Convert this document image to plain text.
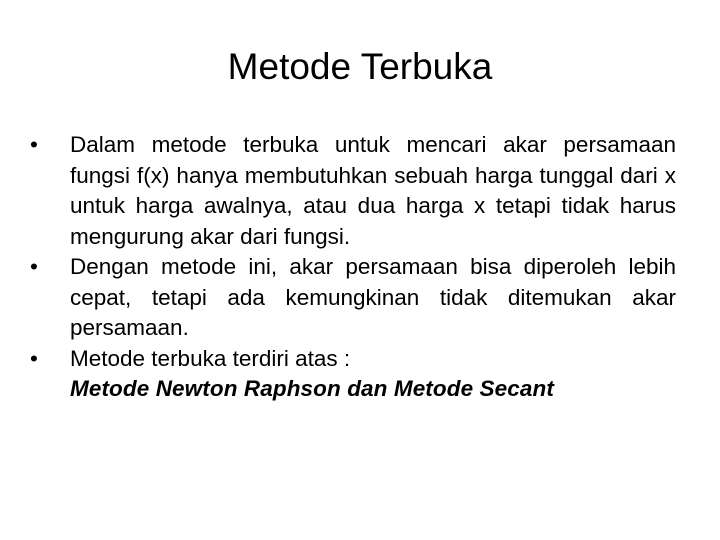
Metode Terbuka
•	Dalam metode terbuka untuk mencari akar persamaan fungsi f(x) hanya membutuhkan sebuah harga tunggal dari x untuk harga awalnya, atau dua harga x tetapi tidak harus mengurung akar dari fungsi.
•	Dengan metode ini, akar persamaan bisa diperoleh lebih cepat, tetapi ada kemungkinan tidak ditemukan akar persamaan.
•	Metode terbuka terdiri atas :
Metode Newton Raphson dan Metode Secant
